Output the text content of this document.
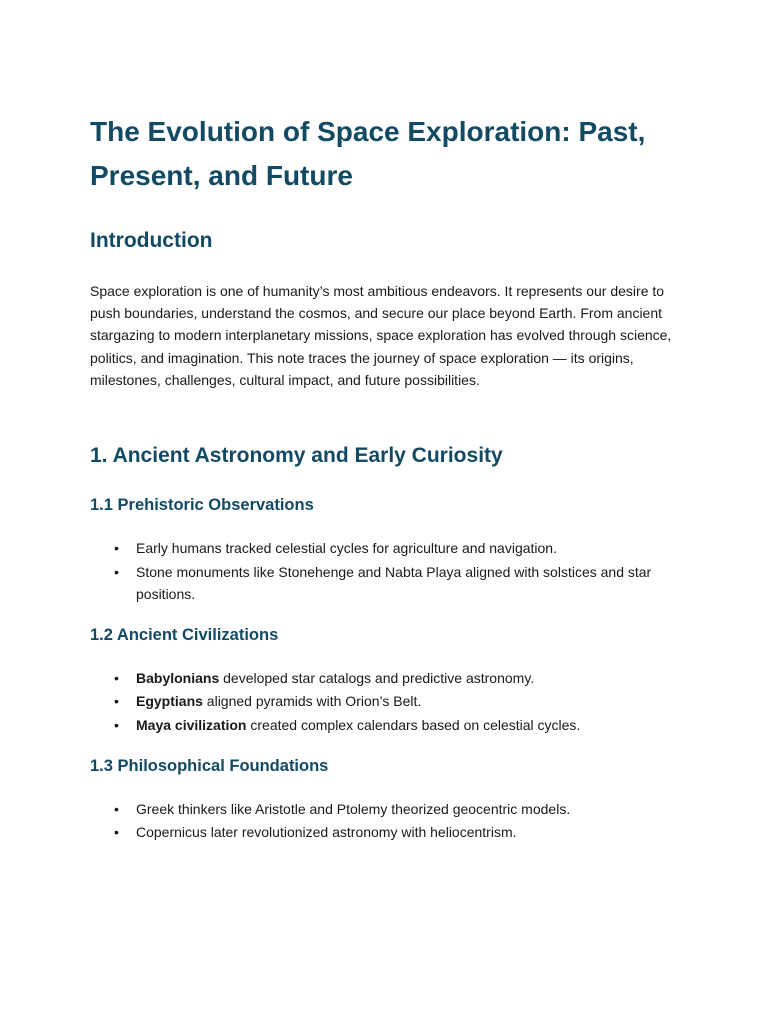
The Evolution of Space Exploration: Past, Present, and Future
Introduction

Space exploration is one of humanity’s most ambitious endeavors. It represents our desire to push boundaries, understand the cosmos, and secure our place beyond Earth. From ancient stargazing to modern interplanetary missions, space exploration has evolved through science, politics, and imagination. This note traces the journey of space exploration — its origins, milestones, challenges, cultural impact, and future possibilities.

1. Ancient Astronomy and Early Curiosity
1.1 Prehistoric Observations
• Early humans tracked celestial cycles for agriculture and navigation.
• Stone monuments like Stonehenge and Nabta Playa aligned with solstices and star positions.
1.2 Ancient Civilizations
• Babylonians developed star catalogs and predictive astronomy.
• Egyptians aligned pyramids with Orion’s Belt.
• Maya civilization created complex calendars based on celestial cycles.
1.3 Philosophical Foundations
• Greek thinkers like Aristotle and Ptolemy theorized geocentric models.
• Copernicus later revolutionized astronomy with heliocentrism.
